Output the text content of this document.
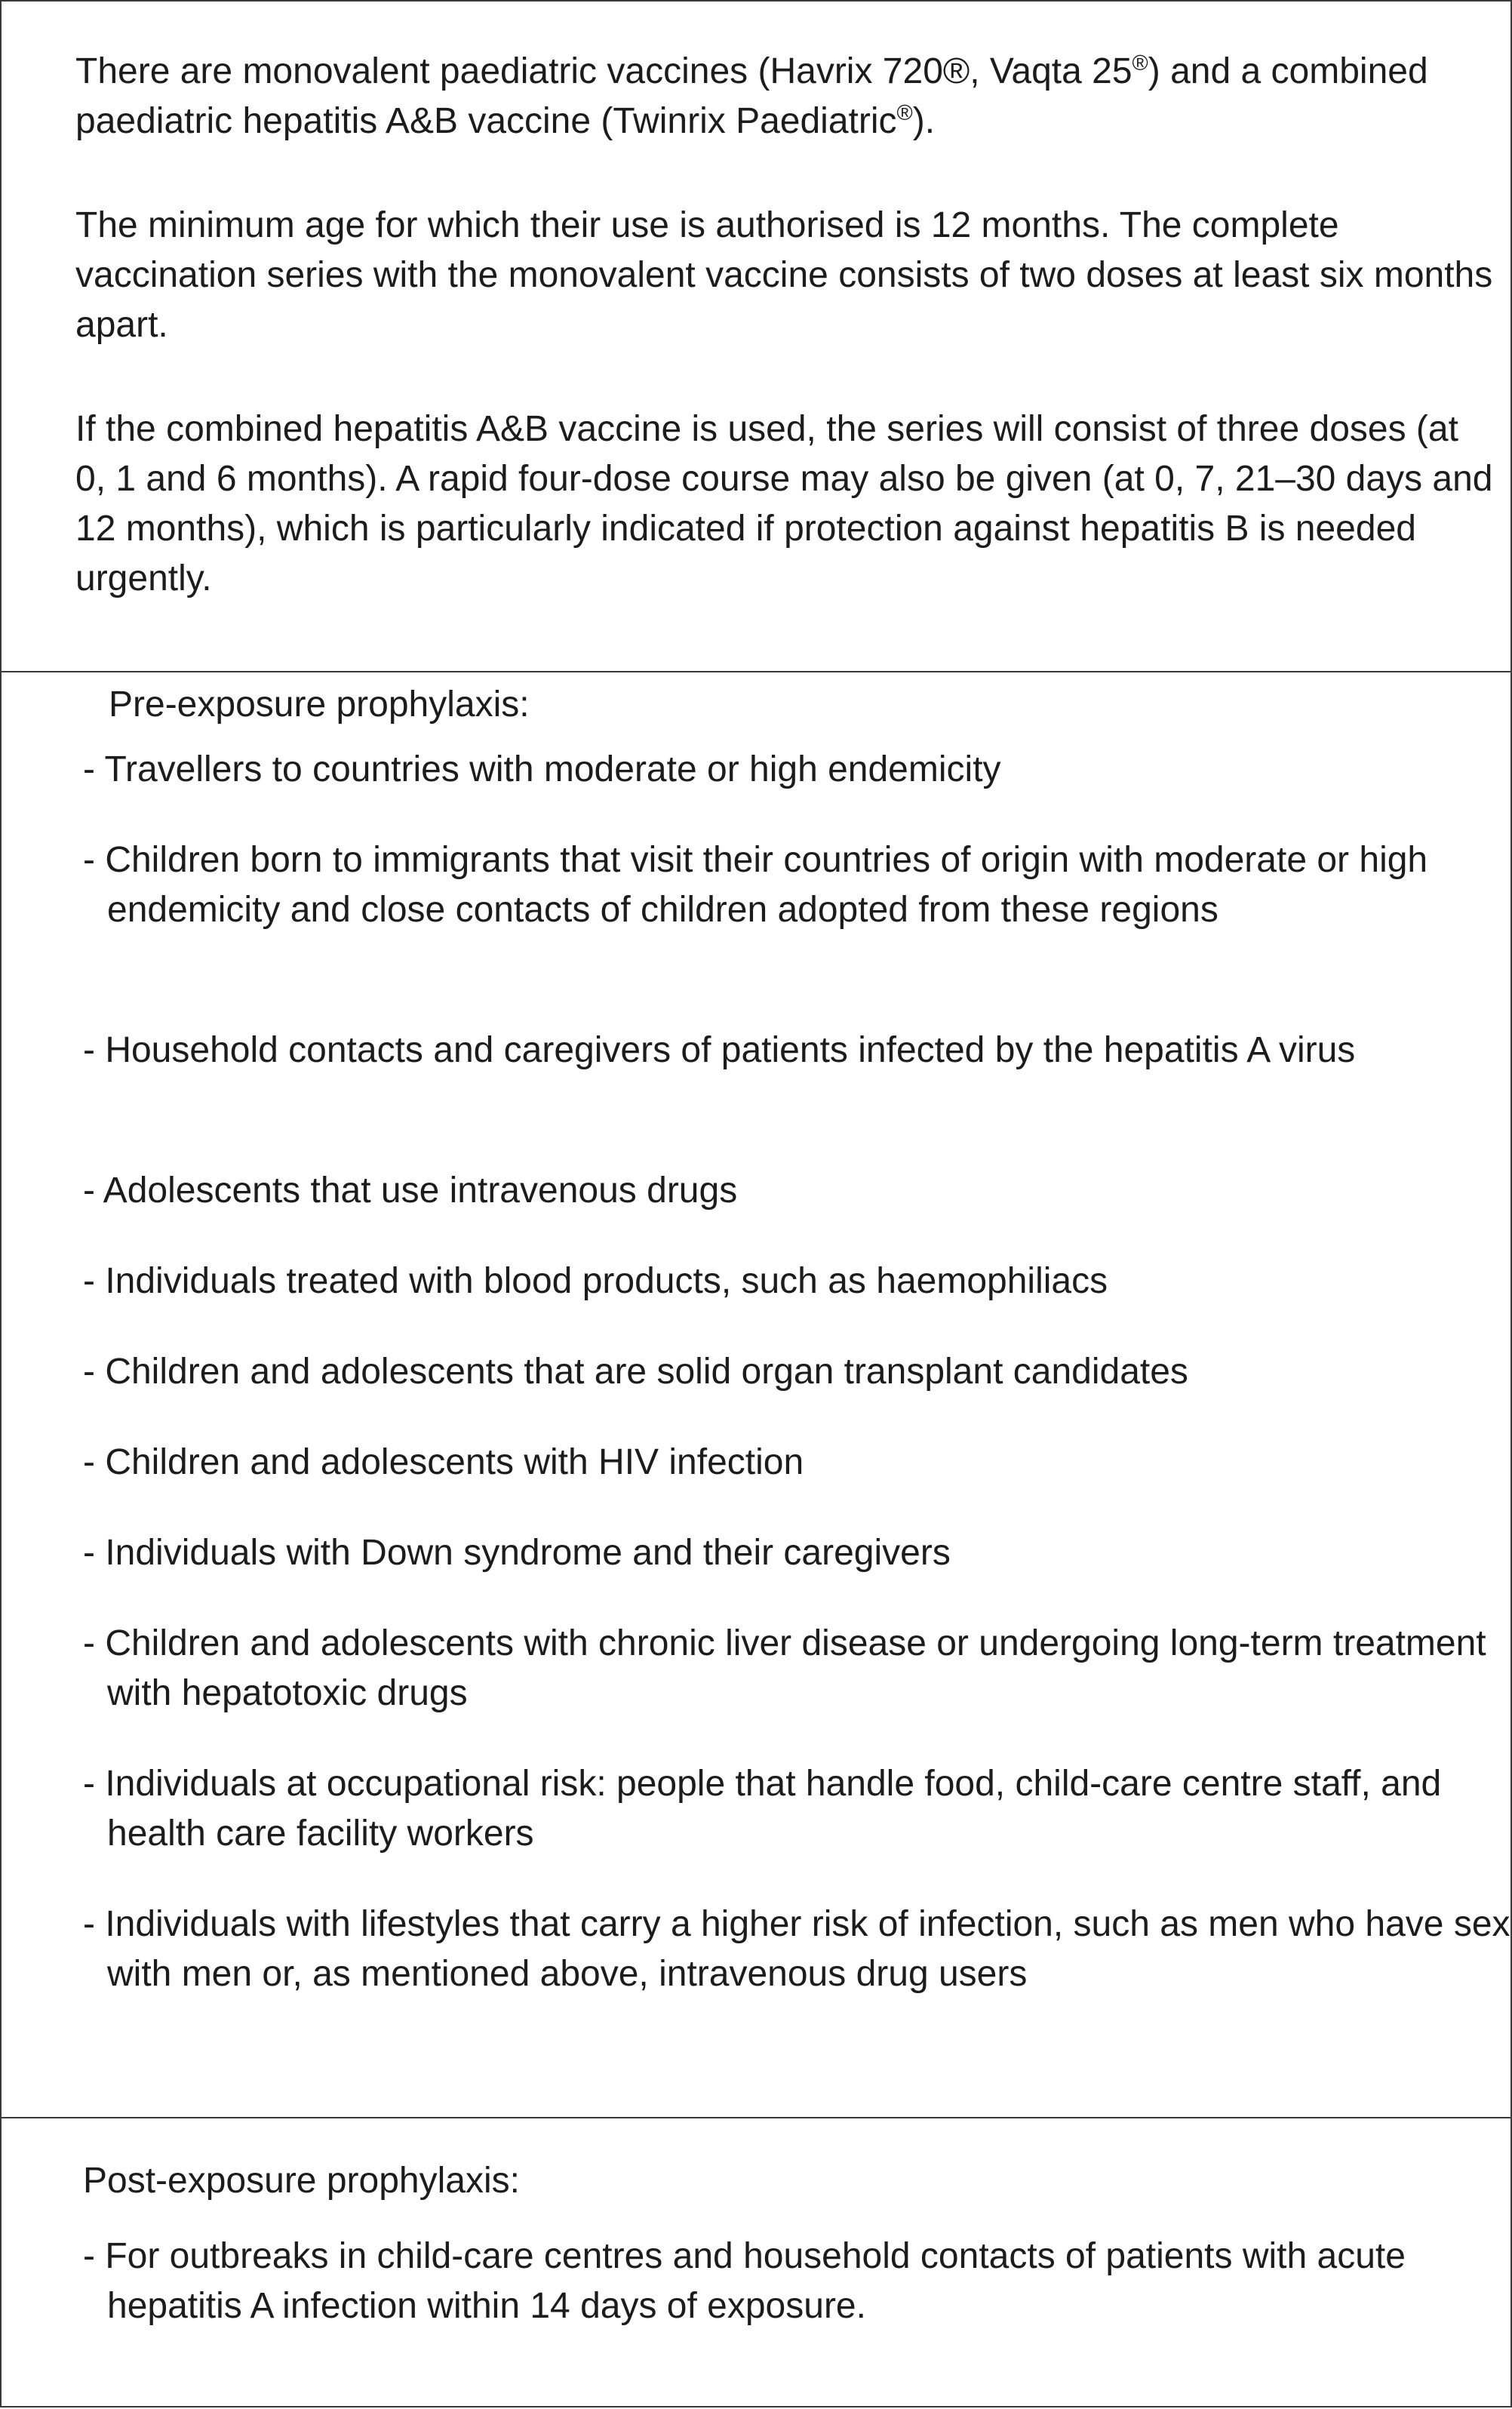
There are monovalent paediatric vaccines (Havrix 720®, Vaqta 25®) and a combined paediatric hepatitis A&B vaccine (Twinrix Paediatric®).

The minimum age for which their use is authorised is 12 months. The complete vaccination series with the monovalent vaccine consists of two doses at least six months apart.

If the combined hepatitis A&B vaccine is used, the series will consist of three doses (at 0, 1 and 6 months). A rapid four-dose course may also be given (at 0, 7, 21–30 days and 12 months), which is particularly indicated if protection against hepatitis B is needed urgently.

Pre-exposure prophylaxis:

- Travellers to countries with moderate or high endemicity

- Children born to immigrants that visit their countries of origin with moderate or high endemicity and close contacts of children adopted from these regions

- Household contacts and caregivers of patients infected by the hepatitis A virus

- Adolescents that use intravenous drugs

- Individuals treated with blood products, such as haemophiliacs

- Children and adolescents that are solid organ transplant candidates

- Children and adolescents with HIV infection

- Individuals with Down syndrome and their caregivers

- Children and adolescents with chronic liver disease or undergoing long-term treatment with hepatotoxic drugs

- Individuals at occupational risk: people that handle food, child-care centre staff, and health care facility workers

- Individuals with lifestyles that carry a higher risk of infection, such as men who have sex with men or, as mentioned above, intravenous drug users

Post-exposure prophylaxis:

- For outbreaks in child-care centres and household contacts of patients with acute hepatitis A infection within 14 days of exposure.
